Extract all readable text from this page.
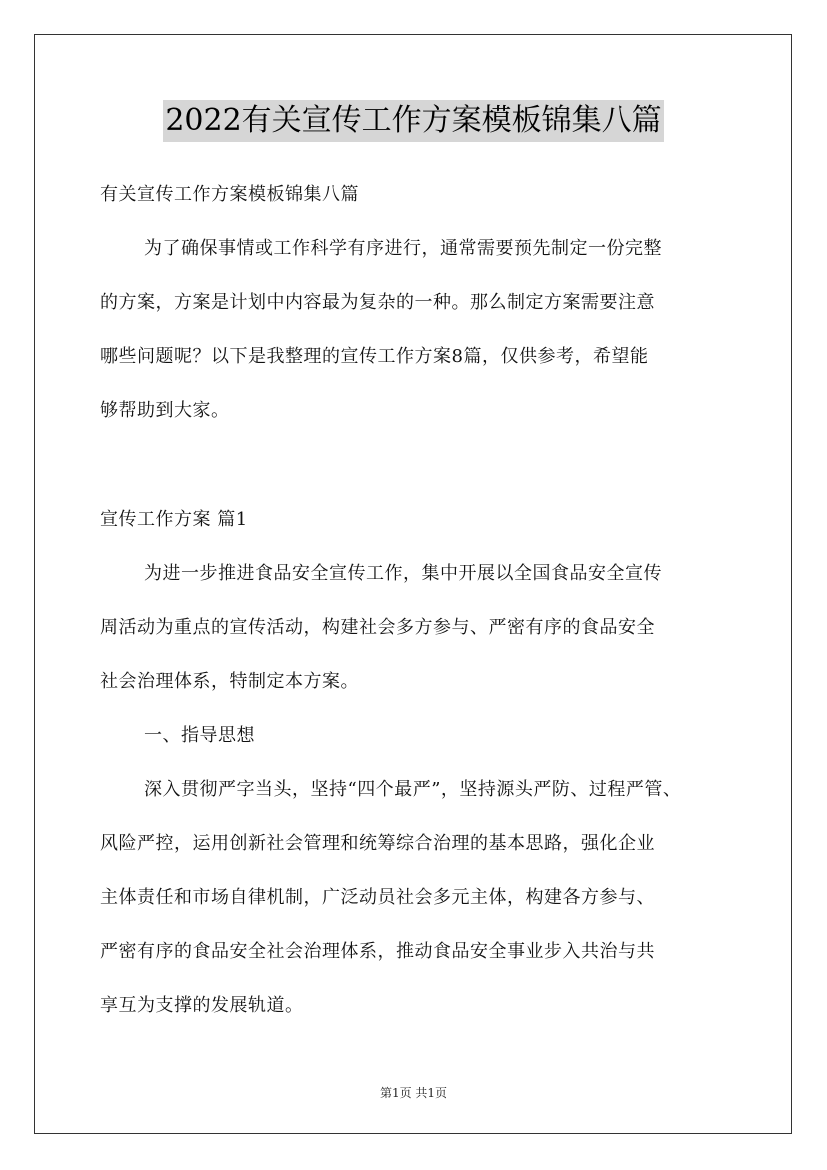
2022有关宣传工作方案模板锦集八篇
有关宣传工作方案模板锦集八篇
为了确保事情或工作科学有序进行，通常需要预先制定一份完整
的方案，方案是计划中内容最为复杂的一种。那么制定方案需要注意
哪些问题呢？以下是我整理的宣传工作方案8篇，仅供参考，希望能
够帮助到大家。
宣传工作方案 篇1
为进一步推进食品安全宣传工作，集中开展以全国食品安全宣传
周活动为重点的宣传活动，构建社会多方参与、严密有序的食品安全
社会治理体系，特制定本方案。
一、指导思想
深入贯彻严字当头，坚持“四个最严”，坚持源头严防、过程严管、
风险严控，运用创新社会管理和统筹综合治理的基本思路，强化企业
主体责任和市场自律机制，广泛动员社会多元主体，构建各方参与、
严密有序的食品安全社会治理体系，推动食品安全事业步入共治与共
享互为支撑的发展轨道。
第1页 共1页
